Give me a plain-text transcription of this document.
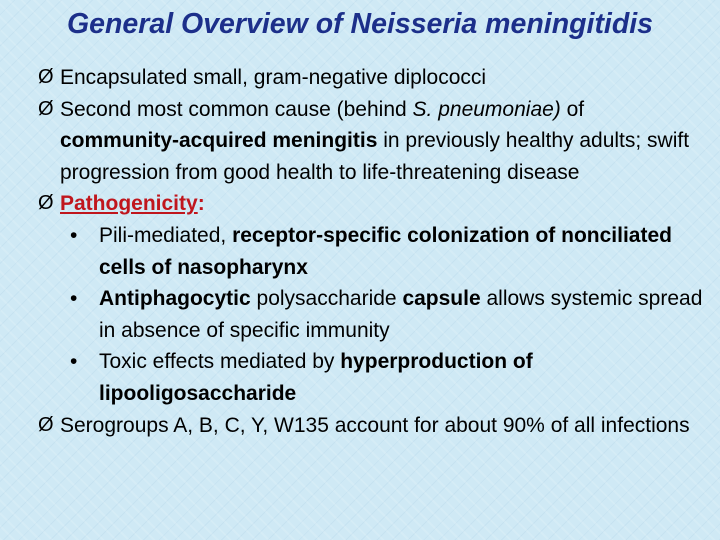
General Overview of Neisseria meningitidis
Ø Encapsulated small, gram-negative diplococci
Ø Second most common cause (behind S. pneumoniae) of community-acquired meningitis in previously healthy adults; swift progression from good health to life-threatening disease
Ø Pathogenicity:
• Pili-mediated, receptor-specific colonization of nonciliated cells of nasopharynx
• Antiphagocytic polysaccharide capsule allows systemic spread in absence of specific immunity
• Toxic effects mediated by hyperproduction of lipooligosaccharide
Ø Serogroups A, B, C, Y, W135 account for about 90% of all infections
